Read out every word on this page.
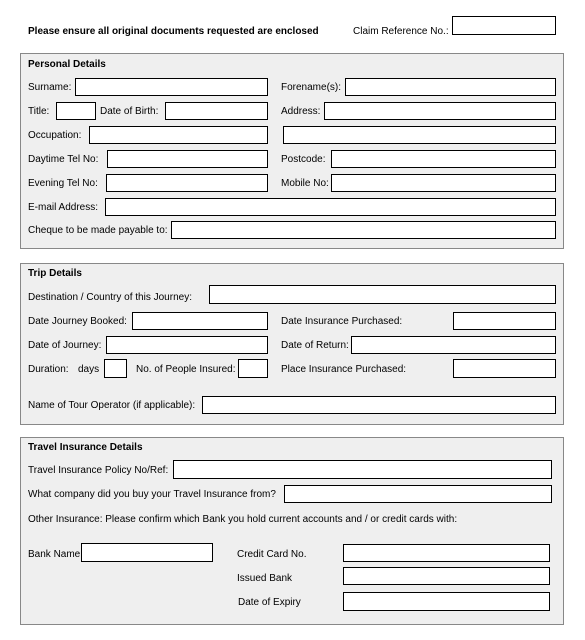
Please ensure all original documents requested are enclosed	Claim Reference No.:
Personal Details
Surname:	Forename(s):
Title:	Date of Birth:	Address:
Occupation:
Daytime Tel No:	Postcode:
Evening Tel No:	Mobile No:
E-mail Address:
Cheque to be made payable to:
Trip Details
Destination / Country of this Journey:
Date Journey Booked:	Date Insurance Purchased:
Date of Journey:	Date of Return:
Duration: days	No. of People Insured:	Place Insurance Purchased:
Name of Tour Operator (if applicable):
Travel Insurance Details
Travel Insurance Policy No/Ref:
What company did you buy your Travel Insurance from?
Other Insurance: Please confirm which Bank you hold current accounts and / or credit cards with:
Bank Name	Credit Card No.
Issued Bank
Date of Expiry
